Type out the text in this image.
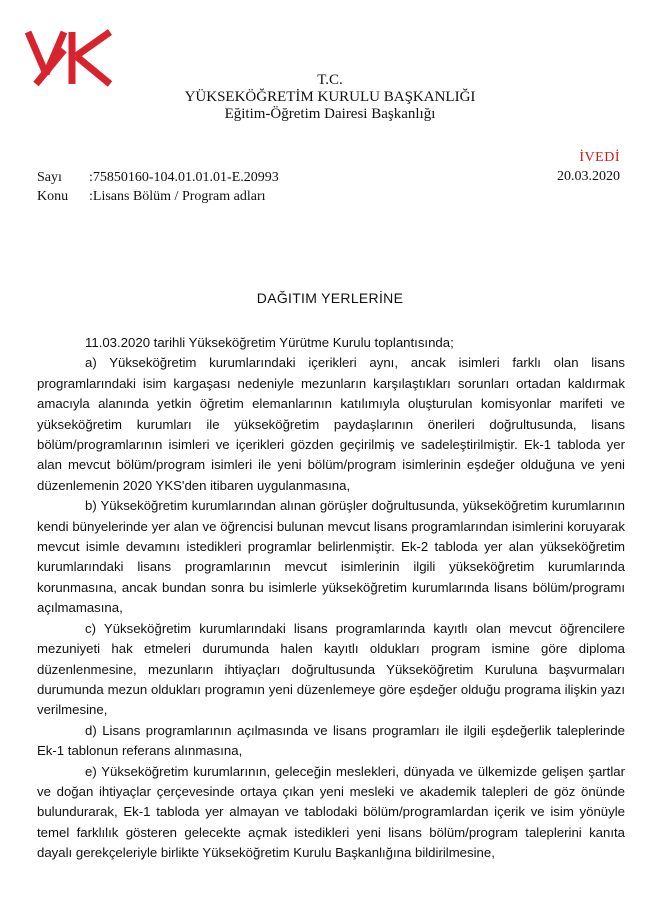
T.C.
YÜKSEKÖĞRETİM KURULU BAŞKANLIĞI
Eğitim-Öğretim Dairesi Başkanlığı
Sayı :75850160-104.01.01.01-E.20993
Konu :Lisans Bölüm / Program adları
İVEDİ
20.03.2020
DAĞITIM YERLERİNE

11.03.2020 tarihli Yükseköğretim Yürütme Kurulu toplantısında;

a) Yükseköğretim kurumlarındaki içerikleri aynı, ancak isimleri farklı olan lisans programlarındaki isim kargaşası nedeniyle mezunların karşılaştıkları sorunları ortadan kaldırmak amacıyla alanında yetkin öğretim elemanlarının katılımıyla oluşturulan komisyonlar marifeti ve yükseköğretim kurumları ile yükseköğretim paydaşlarının önerileri doğrultusunda, lisans bölüm/programlarının isimleri ve içerikleri gözden geçirilmiş ve sadeleştirilmiştir. Ek-1 tabloda yer alan mevcut bölüm/program isimleri ile yeni bölüm/program isimlerinin eşdeğer olduğuna ve yeni düzenlemenin 2020 YKS'den itibaren uygulanmasına,

b) Yükseköğretim kurumlarından alınan görüşler doğrultusunda, yükseköğretim kurumlarının kendi bünyelerinde yer alan ve öğrencisi bulunan mevcut lisans programlarından isimlerini koruyarak mevcut isimle devamını istedikleri programlar belirlenmiştir. Ek-2 tabloda yer alan yükseköğretim kurumlarındaki lisans programlarının mevcut isimlerinin ilgili yükseköğretim kurumlarında korunmasına, ancak bundan sonra bu isimlerle yükseköğretim kurumlarında lisans bölüm/programı açılmamasına,

c) Yükseköğretim kurumlarındaki lisans programlarında kayıtlı olan mevcut öğrencilere mezuniyeti hak etmeleri durumunda halen kayıtlı oldukları program ismine göre diploma düzenlenmesine, mezunların ihtiyaçları doğrultusunda Yükseköğretim Kuruluna başvurmaları durumunda mezun oldukları programın yeni düzenlemeye göre eşdeğer olduğu programa ilişkin yazı verilmesine,

d) Lisans programlarının açılmasında ve lisans programları ile ilgili eşdeğerlik taleplerinde Ek-1 tablonun referans alınmasına,

e) Yükseköğretim kurumlarının, geleceğin meslekleri, dünyada ve ülkemizde gelişen şartlar ve doğan ihtiyaçlar çerçevesinde ortaya çıkan yeni mesleki ve akademik talepleri de göz önünde bulundurarak, Ek-1 tabloda yer almayan ve tablodaki bölüm/programlardan içerik ve isim yönüyle temel farklılık gösteren gelecekte açmak istedikleri yeni lisans bölüm/program taleplerini kanıta dayalı gerekçeleriyle birlikte Yükseköğretim Kurulu Başkanlığına bildirilmesine,
